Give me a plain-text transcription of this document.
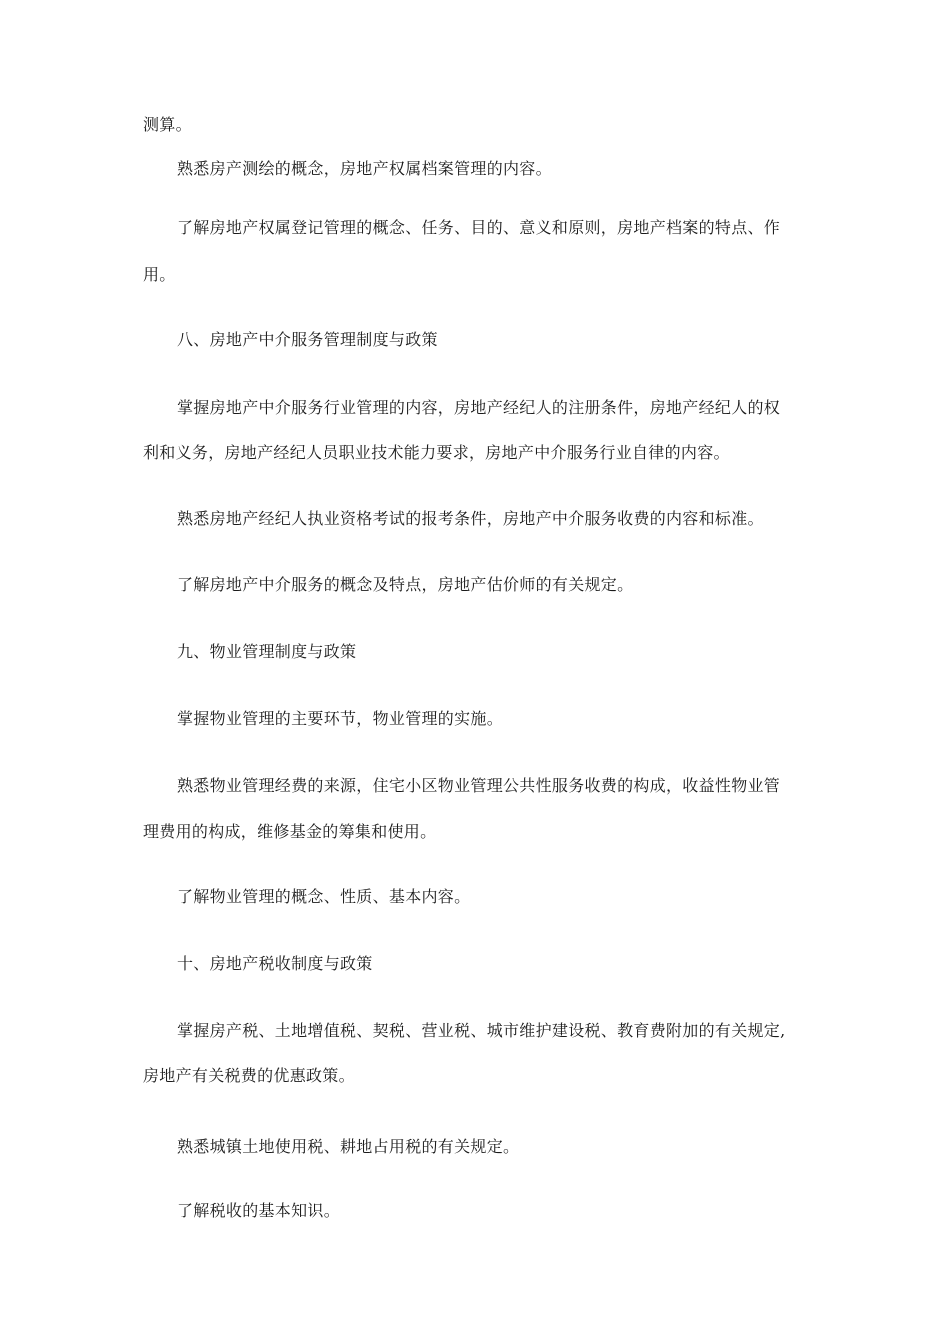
测算。
熟悉房产测绘的概念，房地产权属档案管理的内容。
了解房地产权属登记管理的概念、任务、目的、意义和原则，房地产档案的特点、作
用。
八、房地产中介服务管理制度与政策
掌握房地产中介服务行业管理的内容，房地产经纪人的注册条件，房地产经纪人的权
利和义务，房地产经纪人员职业技术能力要求，房地产中介服务行业自律的内容。
熟悉房地产经纪人执业资格考试的报考条件，房地产中介服务收费的内容和标准。
了解房地产中介服务的概念及特点，房地产估价师的有关规定。
九、物业管理制度与政策
掌握物业管理的主要环节，物业管理的实施。
熟悉物业管理经费的来源，住宅小区物业管理公共性服务收费的构成，收益性物业管
理费用的构成，维修基金的筹集和使用。
了解物业管理的概念、性质、基本内容。
十、房地产税收制度与政策
掌握房产税、土地增值税、契税、营业税、城市维护建设税、教育费附加的有关规定,
房地产有关税费的优惠政策。
熟悉城镇土地使用税、耕地占用税的有关规定。
了解税收的基本知识。
